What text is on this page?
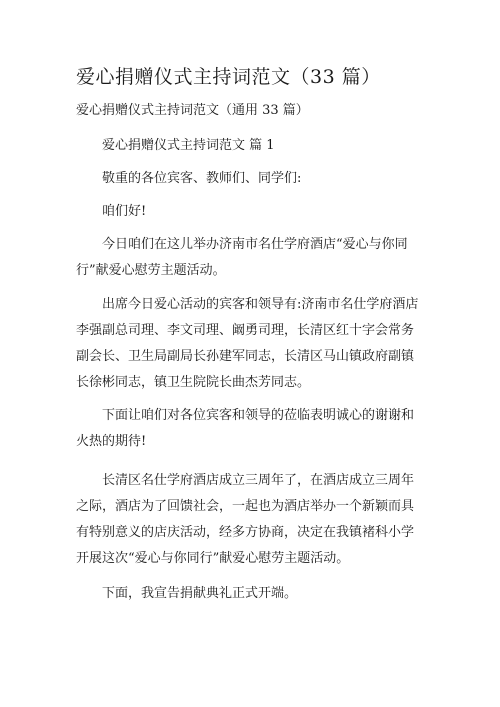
爱心捐赠仪式主持词范文（33 篇）
爱心捐赠仪式主持词范文（通用 33 篇）

爱心捐赠仪式主持词范文 篇 1

敬重的各位宾客、教师们、同学们:

咱们好!

今日咱们在这儿举办济南市名仕学府酒店“爱心与你同行”献爱心慰劳主题活动。

出席今日爱心活动的宾客和领导有:济南市名仕学府酒店李强副总司理、李文司理、阚勇司理，长清区红十字会常务副会长、卫生局副局长孙建军同志，长清区马山镇政府副镇长徐彬同志，镇卫生院院长曲杰芳同志。

下面让咱们对各位宾客和领导的莅临表明诚心的谢谢和火热的期待!

长清区名仕学府酒店成立三周年了，在酒店成立三周年之际，酒店为了回馈社会，一起也为酒店举办一个新颖而具有特别意义的店庆活动，经多方协商，决定在我镇褚科小学开展这次“爱心与你同行”献爱心慰劳主题活动。

下面，我宣告捐献典礼正式开端。
